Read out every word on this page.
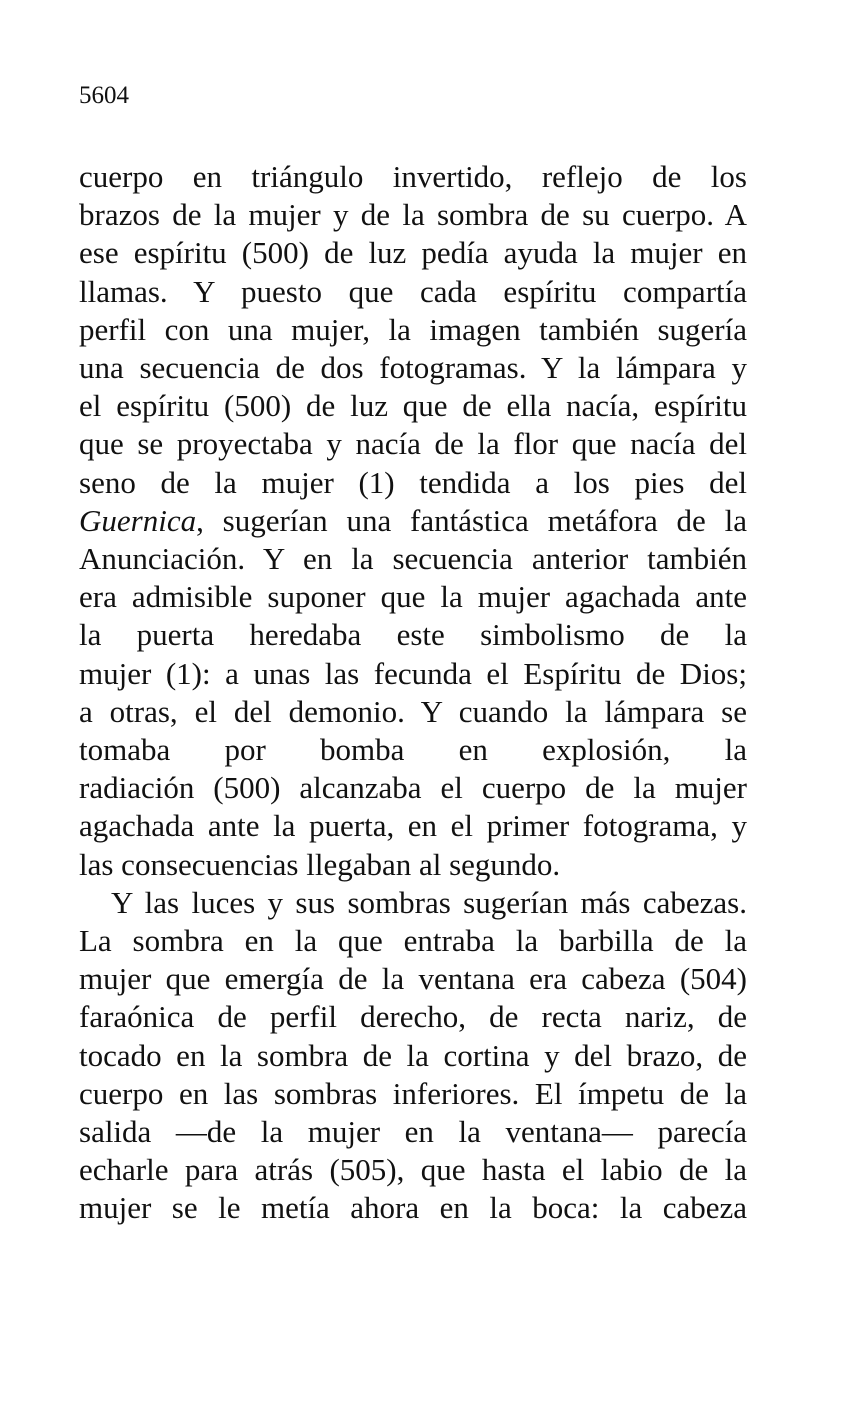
5604

cuerpo en triángulo invertido, reflejo de los

brazos de la mujer y de la sombra de su cuerpo. A

ese espíritu (500) de luz pedía ayuda la mujer en

llamas. Y puesto que cada espíritu compartía

perfil con una mujer, la imagen también sugería

una secuencia de dos fotogramas. Y la lámpara y

el espíritu (500) de luz que de ella nacía, espíritu

que se proyectaba y nacía de la flor que nacía del

seno de la mujer (1) tendida a los pies del

Guernica, sugerían una fantástica metáfora de la

Anunciación. Y en la secuencia anterior también

era admisible suponer que la mujer agachada ante

la puerta heredaba este simbolismo de la

mujer (1): a unas las fecunda el Espíritu de Dios;

a otras, el del demonio. Y cuando la lámpara se

tomaba por bomba en explosión, la

radiación (500) alcanzaba el cuerpo de la mujer

agachada ante la puerta, en el primer fotograma, y

las consecuencias llegaban al segundo.

Y las luces y sus sombras sugerían más cabezas.

La sombra en la que entraba la barbilla de la

mujer que emergía de la ventana era cabeza (504)

faraónica de perfil derecho, de recta nariz, de

tocado en la sombra de la cortina y del brazo, de

cuerpo en las sombras inferiores. El ímpetu de la

salida —de la mujer en la ventana— parecía

echarle para atrás (505), que hasta el labio de la

mujer se le metía ahora en la boca: la cabeza
